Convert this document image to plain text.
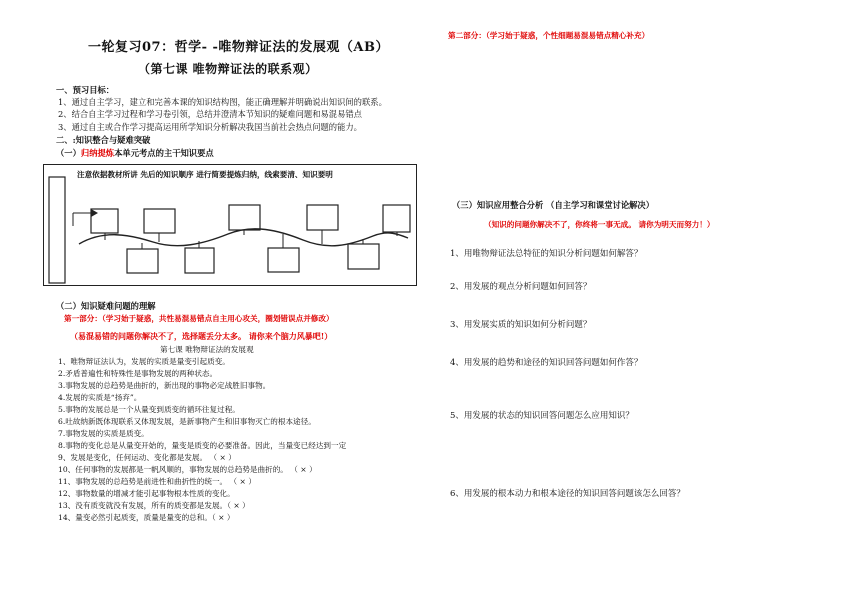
一轮复习07：哲学- -唯物辩证法的发展观（AB）
（第七课 唯物辩证法的联系观）
一、预习目标：
1、通过自主学习，建立和完善本课的知识结构图，能正确理解并明确说出知识间的联系。
2、结合自主学习过程和学习卷引领，总结并澄清本节知识的疑难问题和易混易错点
3、通过自主或合作学习提高运用所学知识分析解决我国当前社会热点问题的能力。
二、:知识整合与疑难突破
（一）归纳提炼本单元考点的主干知识要点
注意依据教材所讲 先后的知识顺序 进行简要提炼归纳，线索要清、知识要明
（二）知识疑难问题的理解
第一部分：（学习始于疑惑，共性易混易错点自主用心攻关，圈划错误点并修改）
（易混易错的问题你解决不了，选择题丢分太多。 请你来个脑力风暴吧!）
第七课 唯物辩证法的发展观
1、唯物辩证法认为，发展的实质是量变引起质变。
2.矛盾普遍性和特殊性是事物发展的两种状态。
3.事物发展的总趋势是曲折的，新出现的事物必定战胜旧事物。
4.发展的实质是“扬弃”。
5.事物的发展总是一个从量变到质变的循环往复过程。
6.吐故纳新既体现联系又体现发展，是新事物产生和旧事物灭亡的根本途径。
7.事物发展的实质是质变。
8.事物的变化总是从量变开始的，量变是质变的必要准备。因此，当量变已经达到一定
9、发展是变化，任何运动、变化都是发展。 （ × ）
10、任何事物的发展都是一帆风顺的，事物发展的总趋势是曲折的。 （ × ）
11、事物发展的总趋势是前进性和曲折性的统一。 （ × ）
12、事物数量的增减才能引起事物根本性质的变化。
13、没有质变就没有发展，所有的质变都是发展。（ × ）
14、量变必然引起质变，质量是量变的总和。（ × ）
第二部分：（学习始于疑惑，个性细题易混易错点精心补充）
（三）知识应用整合分析 （自主学习和课堂讨论解决）
（知识的问题你解决不了，你终将一事无成。 请你为明天而努力！）
1、用唯物辩证法总特征的知识分析问题如何解答？
2、用发展的观点分析问题如何回答？
3、用发展实质的知识如何分析问题？
4、用发展的趋势和途径的知识回答问题如何作答？
5、用发展的状态的知识回答问题怎么应用知识？
6、用发展的根本动力和根本途径的知识回答问题该怎么回答？
